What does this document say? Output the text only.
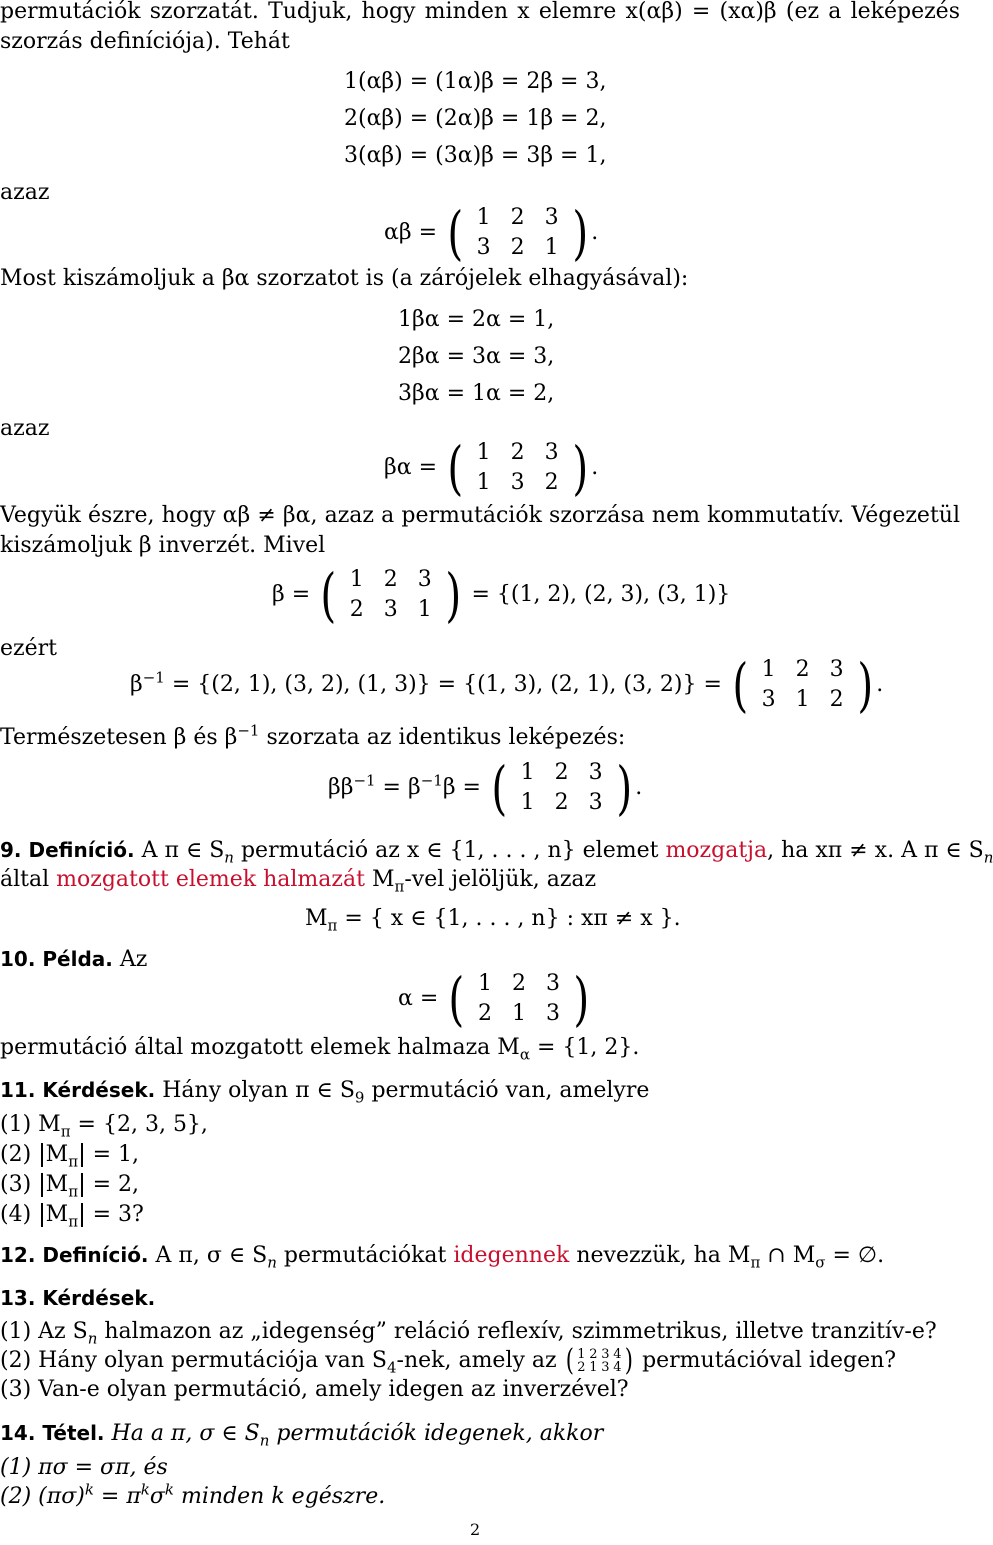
permutációk szorzatát. Tudjuk, hogy minden x elemre x(αβ) = (xα)β (ez a leképezés
szorzás definíciója). Tehát
1(αβ) = (1α)β = 2β = 3,
2(αβ) = (2α)β = 1β = 2,
3(αβ) = (3α)β = 3β = 1,
azaz
αβ = ( 1 2 3
3 2 1 ) .
Most kiszámoljuk a βα szorzatot is (a zárójelek elhagyásával):
1βα = 2α = 1,
2βα = 3α = 3,
3βα = 1α = 2,
azaz
βα = ( 1 2 3
1 3 2 ) .
Vegyük észre, hogy αβ ≠ βα, azaz a permutációk szorzása nem kommutatív. Végezetül
kiszámoljuk β inverzét. Mivel
β = ( 1 2 3
2 3 1 ) = {(1, 2), (2, 3), (3, 1)}
ezért
$\beta^{-1} = \{(2$, 1), (3, 2), (1, 3)} = {(1, 3), (2, 1), (3, 2)} = ( 1 2 3
3 1 2 ) .
Természetesen β és $\beta^{-1}$ szorzata az identikus leképezés:
$\beta\beta^{-1} = \beta^{-1}\beta$ = ( 1 2 3
1 2 3 ) .
9. Definíció. A π ∈ $S_n$ permutáció az x ∈ {1, . . . , n} elemet mozgatja, ha xπ ≠ x. A π ∈ $S_n$
által mozgatott elemek halmazát $M_\pi$-vel jelöljük, azaz
$M_\pi$ = { x ∈ {1, . . . , n} : xπ ≠ x }.
10. Példa. Az
α = ( 1 2 3
2 1 3 )
permutáció által mozgatott elemek halmaza $M_\alpha = \{1$, 2}.
11. Kérdések. Hány olyan π ∈ $S_9$ permutáció van, amelyre
(1) $M_\pi = \{2$, 3, 5},
(2) $M_\pi = 1$,
(3) $M_\pi = 2$,
(4) $M_\pi = 3$?
12. Definíció. A π, σ ∈ $S_n$ permutációkat idegennek nevezzük, ha $M_\pi$ ∩ $M_\sigma$ = ∅.
13. Kérdések.
(1) Az $S_n$ halmazon az „idegenség” reláció reflexív, szimmetrikus, illetve tranzitív-e?
(2) Hány olyan permutációja van $S_4$-nek, amely az ( 1 2 3 4
2 1 3 4 ) permutációval idegen?
(3) Van-e olyan permutáció, amely idegen az inverzével?
14. Tétel. Ha a π, σ ∈ $S_n$ permutációk idegenek, akkor
(1) πσ = σπ, és
(2) $(\pi\sigma)^k = \pi^k\sigma^k$ minden k egészre.
2
